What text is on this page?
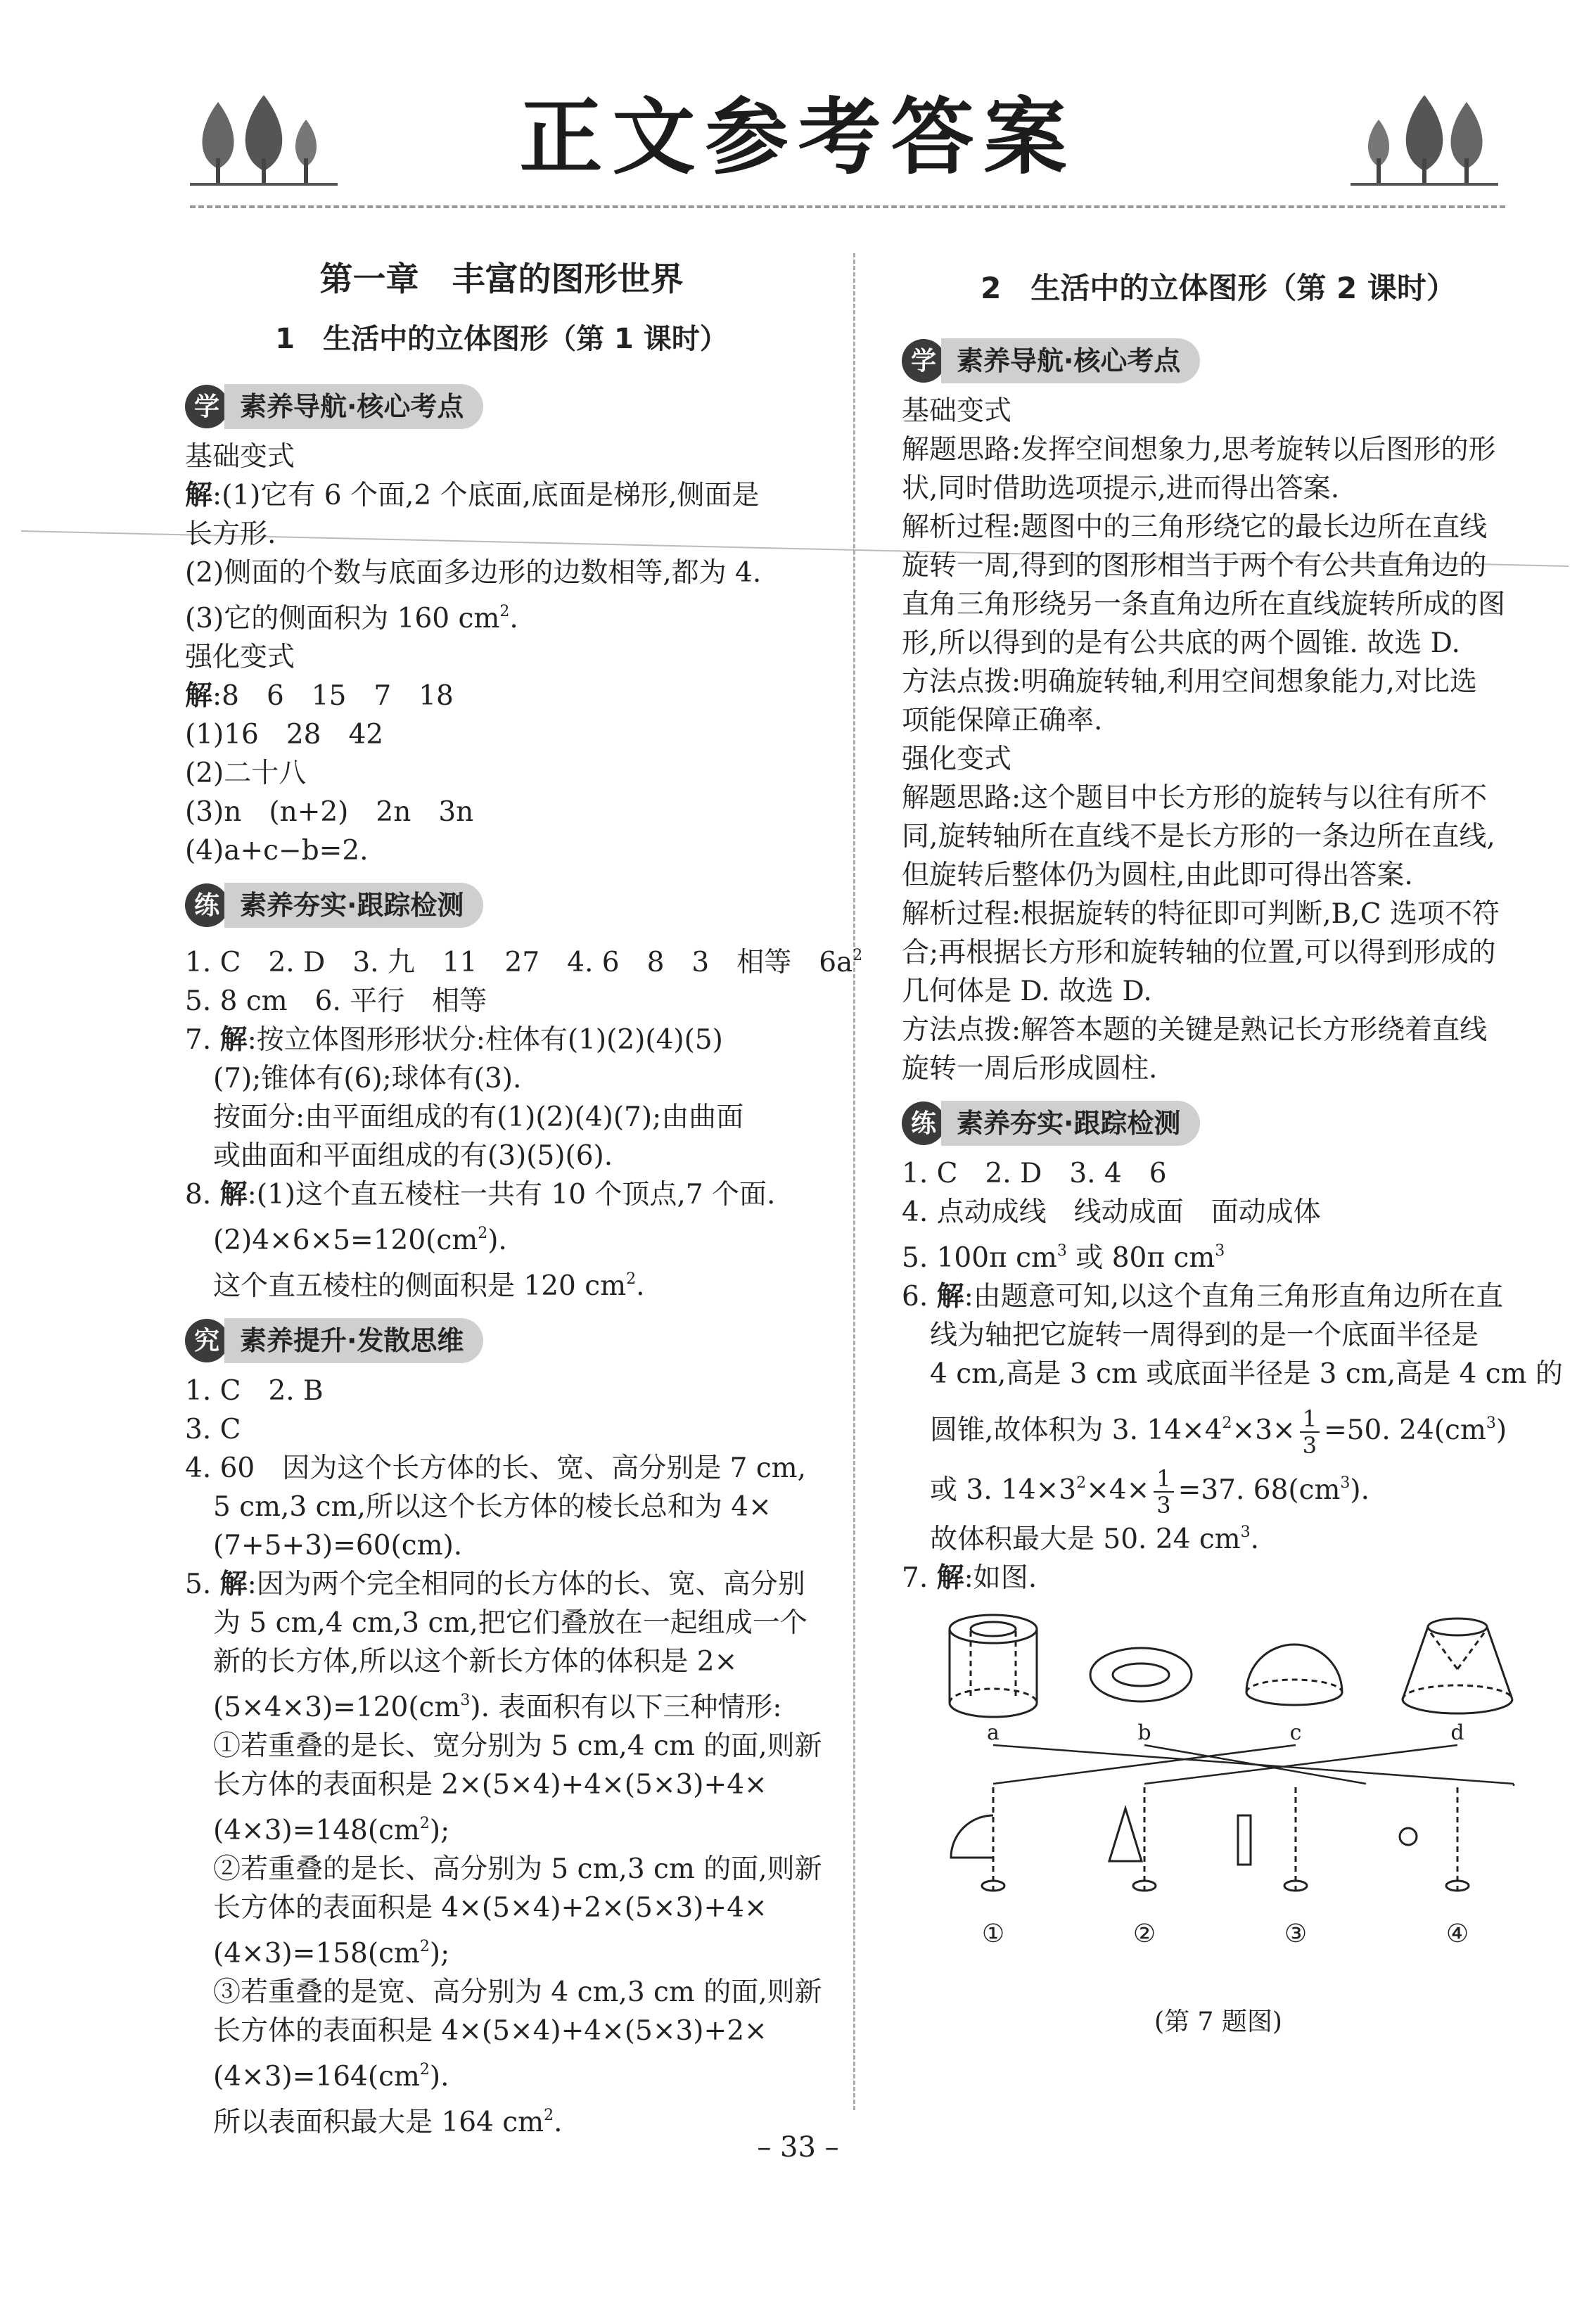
正文参考答案
第一章　丰富的图形世界
1　生活中的立体图形（第 1 课时）
学 素养导航·核心考点
基础变式
解:(1)它有 6 个面,2 个底面,底面是梯形,侧面是
长方形.
(2)侧面的个数与底面多边形的边数相等,都为 4.
(3)它的侧面积为 160 $cm^2$.
强化变式
解:8　6　15　7　18
(1)16　28　42
(2)二十八
(3)n　(n+2)　2n　3n
(4)a+c−b=2.
练 素养夯实·跟踪检测
1. C　2. D　3. 九　11　27　4. 6　8　3　相等　$6a^2$
5. 8 cm　6. 平行　相等
7. 解:按立体图形形状分:柱体有(1)(2)(4)(5)
(7);锥体有(6);球体有(3).
按面分:由平面组成的有(1)(2)(4)(7);由曲面
或曲面和平面组成的有(3)(5)(6).
8. 解:(1)这个直五棱柱一共有 10 个顶点,7 个面.
$(2)4\times 6\times 5=120(cm^2)$.
这个直五棱柱的侧面积是 120 $cm^2$.
究 素养提升·发散思维
1. C　2. B
3. C
4. 60　因为这个长方体的长、宽、高分别是 7 cm,
5 cm,3 cm,所以这个长方体的棱长总和为 4×
(7+5+3)=60(cm).
5. 解:因为两个完全相同的长方体的长、宽、高分别
为 5 cm,4 cm,3 cm,把它们叠放在一起组成一个
新的长方体,所以这个新长方体的体积是 2×
$(5\times 4\times 3)=120(cm^3)$. 表面积有以下三种情形:
①若重叠的是长、宽分别为 5 cm,4 cm 的面,则新
长方体的表面积是 2×(5×4)+4×(5×3)+4×
$(4\times 3)=148(cm^2)$;
②若重叠的是长、高分别为 5 cm,3 cm 的面,则新
长方体的表面积是 4×(5×4)+2×(5×3)+4×
$(4\times 3)=158(cm^2)$;
③若重叠的是宽、高分别为 4 cm,3 cm 的面,则新
长方体的表面积是 4×(5×4)+4×(5×3)+2×
$(4\times 3)=164(cm^2)$.
所以表面积最大是 164 $cm^2$.
2　生活中的立体图形（第 2 课时）
学 素养导航·核心考点
基础变式
解题思路:发挥空间想象力,思考旋转以后图形的形
状,同时借助选项提示,进而得出答案.
解析过程:题图中的三角形绕它的最长边所在直线
旋转一周,得到的图形相当于两个有公共直角边的
直角三角形绕另一条直角边所在直线旋转所成的图
形,所以得到的是有公共底的两个圆锥. 故选 D.
方法点拨:明确旋转轴,利用空间想象能力,对比选
项能保障正确率.
强化变式
解题思路:这个题目中长方形的旋转与以往有所不
同,旋转轴所在直线不是长方形的一条边所在直线,
但旋转后整体仍为圆柱,由此即可得出答案.
解析过程:根据旋转的特征即可判断,B,C 选项不符
合;再根据长方形和旋转轴的位置,可以得到形成的
几何体是 D. 故选 D.
方法点拨:解答本题的关键是熟记长方形绕着直线
旋转一周后形成圆柱.
练 素养夯实·跟踪检测
1. C　2. D　3. 4　6
4. 点动成线　线动成面　面动成体
5. 100π $cm^3$ 或 80π $cm^3$
6. 解:由题意可知,以这个直角三角形直角边所在直
线为轴把它旋转一周得到的是一个底面半径是
4 cm,高是 3 cm 或底面半径是 3 cm,高是 4 cm 的
圆锥,故体积为 3. $14\times 4^2\times 3\times \frac{1}{3} =50$. $24(cm^3)$
或 3. $14\times 3^2\times 4\times \frac{1}{3} =37$. $68(cm^3)$.
故体积最大是 50. 24 $cm^3$.
7. 解:如图.
a	b	c	d
①	②	③	④
(第 7 题图)
– 33 –
